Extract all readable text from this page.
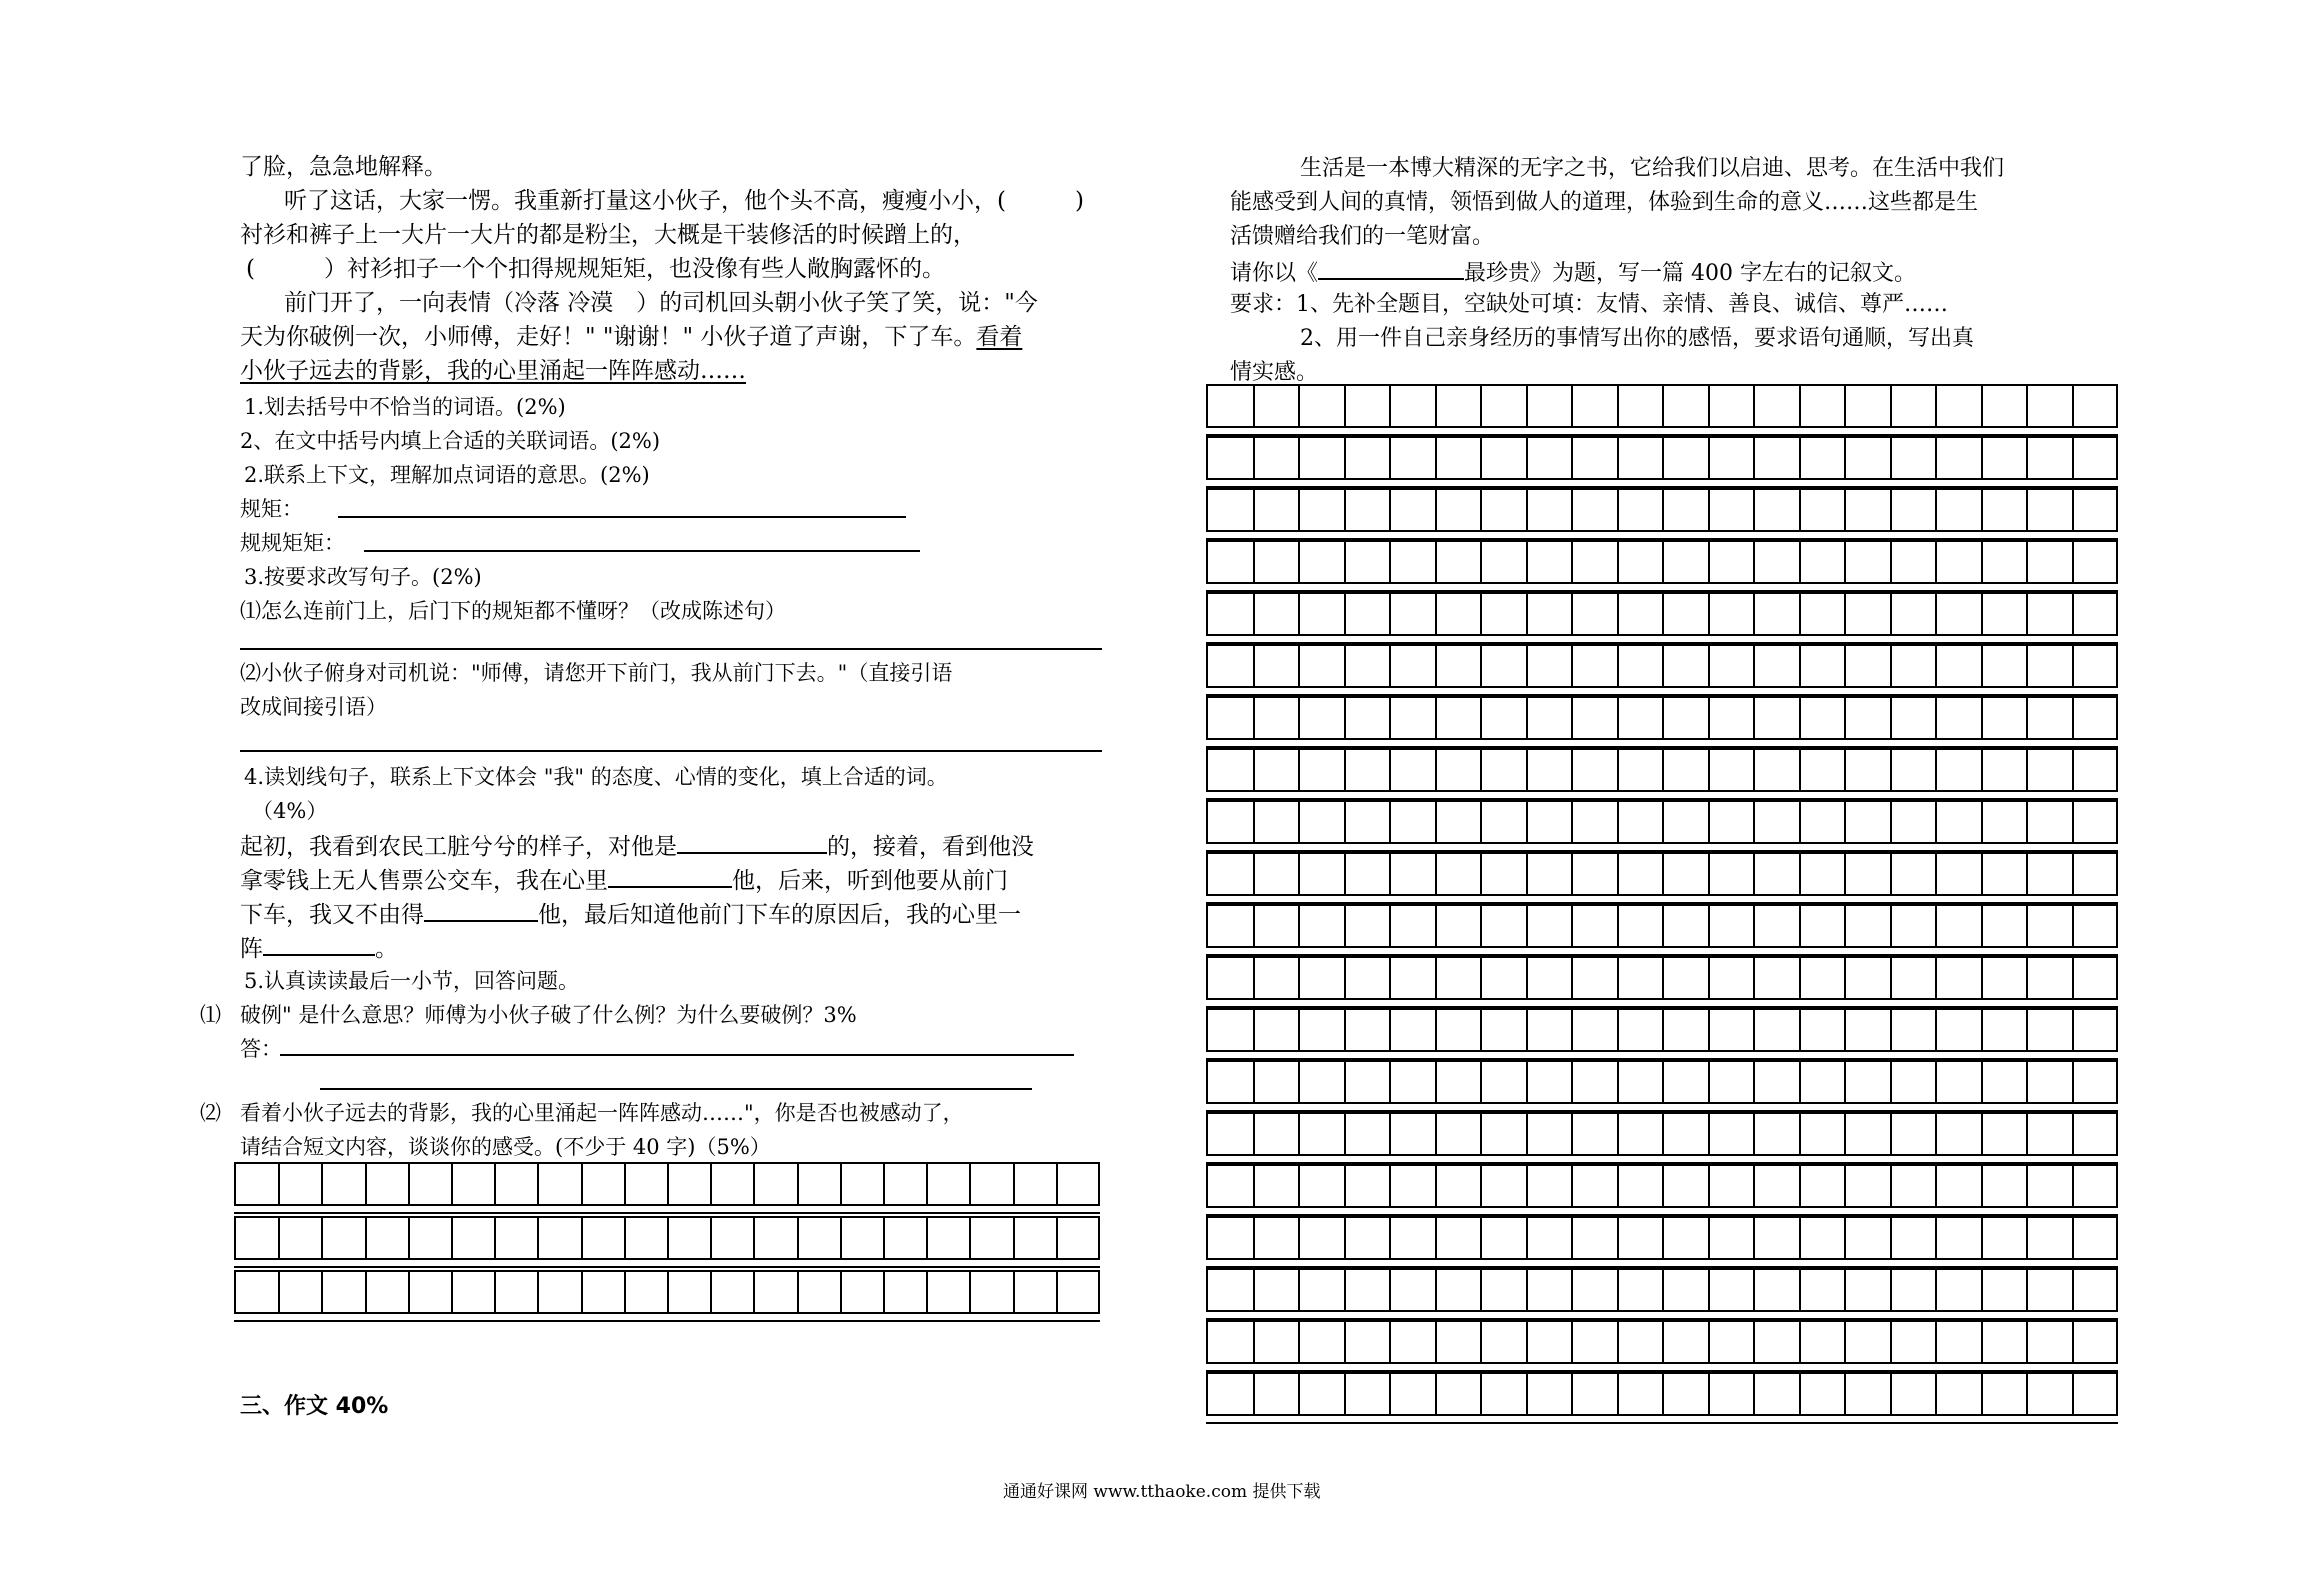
了脸，急急地解释。
听了这话，大家一愣。我重新打量这小伙子，他个头不高，瘦瘦小小，(　　　)
衬衫和裤子上一大片一大片的都是粉尘，大概是干装修活的时候蹭上的，
(　　　）衬衫扣子一个个扣得规规矩矩，也没像有些人敞胸露怀的。
前门开了，一向表情（冷落 冷漠　）的司机回头朝小伙子笑了笑，说："今
天为你破例一次，小师傅，走好！" "谢谢！" 小伙子道了声谢，下了车。看着
小伙子远去的背影，我的心里涌起一阵阵感动……
1.划去括号中不恰当的词语。(2%)
2、在文中括号内填上合适的关联词语。(2%)
2.联系上下文，理解加点词语的意思。(2%)
规矩：
规规矩矩：
3.按要求改写句子。(2%)
⑴怎么连前门上，后门下的规矩都不懂呀？（改成陈述句）
⑵小伙子俯身对司机说："师傅，请您开下前门，我从前门下去。"（直接引语
改成间接引语）
4.读划线句子，联系上下文体会 "我" 的态度、心情的变化，填上合适的词。
（4%）
起初，我看到农民工脏兮兮的样子，对他是	的，接着，看到他没
拿零钱上无人售票公交车，我在心里	他，后来，听到他要从前门
下车，我又不由得	他，最后知道他前门下车的原因后，我的心里一
阵	。
5.认真读读最后一小节，回答问题。
⑴ 破例" 是什么意思？师傅为小伙子破了什么例？为什么要破例？3%
答：
⑵ 看着小伙子远去的背影，我的心里涌起一阵阵感动……"，你是否也被感动了，
请结合短文内容，谈谈你的感受。(不少于 40 字)（5%）
三、作文 40%
生活是一本博大精深的无字之书，它给我们以启迪、思考。在生活中我们
能感受到人间的真情，领悟到做人的道理，体验到生命的意义……这些都是生
活馈赠给我们的一笔财富。
请你以《	最珍贵》为题，写一篇 400 字左右的记叙文。
要求：1、先补全题目，空缺处可填：友情、亲情、善良、诚信、尊严……
2、用一件自己亲身经历的事情写出你的感悟，要求语句通顺，写出真
情实感。
通通好课网 www.tthaoke.com 提供下载
